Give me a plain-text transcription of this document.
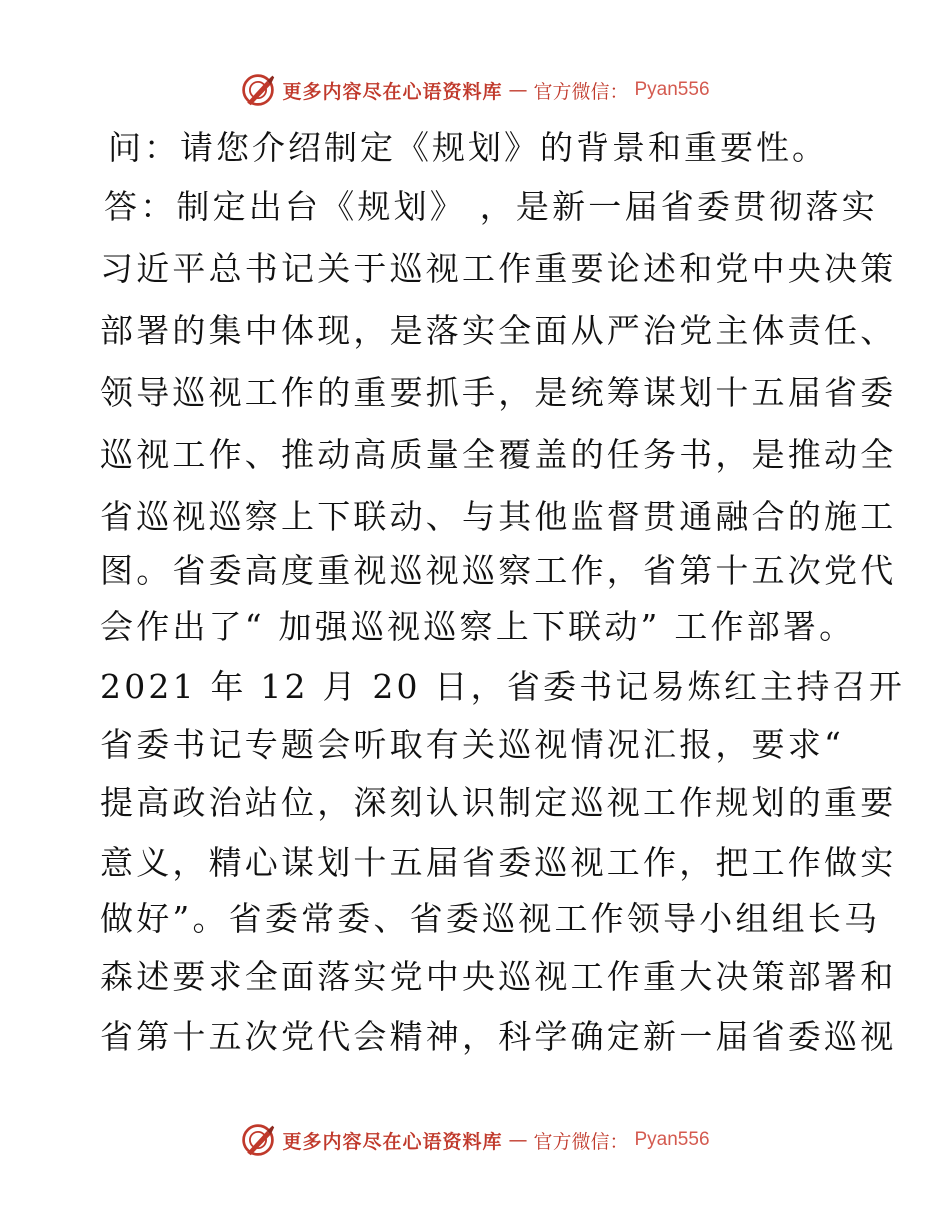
更多内容尽在心语资料库 — 官方微信： Pyan556
问：请您介绍制定《规划》的背景和重要性。
答：制定出台《规划》 ，是新一届省委贯彻落实
习近平总书记关于巡视工作重要论述和党中央决策
部署的集中体现，是落实全面从严治党主体责任、
领导巡视工作的重要抓手，是统筹谋划十五届省委
巡视工作、推动高质量全覆盖的任务书，是推动全
省巡视巡察上下联动、与其他监督贯通融合的施工
图。省委高度重视巡视巡察工作，省第十五次党代
会作出了“ 加强巡视巡察上下联动” 工作部署。
2021 年 12 月 20 日，省委书记易炼红主持召开
省委书记专题会听取有关巡视情况汇报，要求“
提高政治站位，深刻认识制定巡视工作规划的重要
意义，精心谋划十五届省委巡视工作，把工作做实
做好”。省委常委、省委巡视工作领导小组组长马
森述要求全面落实党中央巡视工作重大决策部署和
省第十五次党代会精神，科学确定新一届省委巡视
更多内容尽在心语资料库 — 官方微信： Pyan556
